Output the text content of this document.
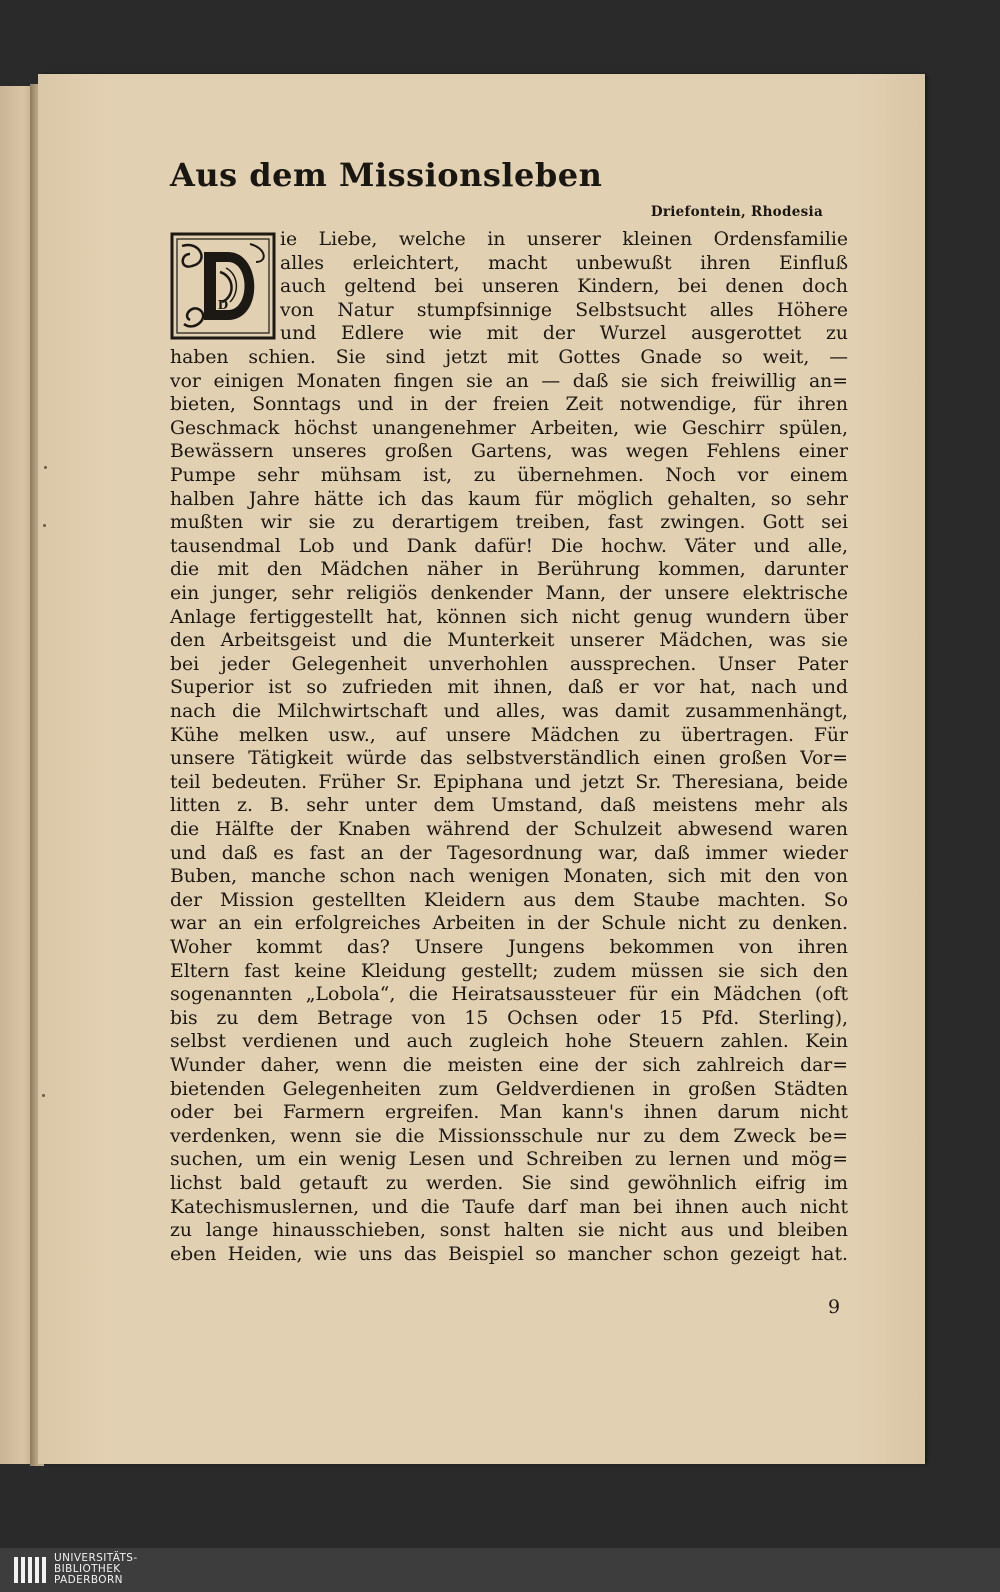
Aus dem Missionsleben
Driefontein, Rhodesia
D
ie Liebe, welche in unserer kleinen Ordensfamilie
alles erleichtert, macht unbewußt ihren Einfluß
auch geltend bei unseren Kindern, bei denen doch
von Natur stumpfsinnige Selbstsucht alles Höhere
und Edlere wie mit der Wurzel ausgerottet zu
haben schien. Sie sind jetzt mit Gottes Gnade so weit, —
vor einigen Monaten fingen sie an — daß sie sich freiwillig an=
bieten, Sonntags und in der freien Zeit notwendige, für ihren
Geschmack höchst unangenehmer Arbeiten, wie Geschirr spülen,
Bewässern unseres großen Gartens, was wegen Fehlens einer
Pumpe sehr mühsam ist, zu übernehmen. Noch vor einem
halben Jahre hätte ich das kaum für möglich gehalten, so sehr
mußten wir sie zu derartigem treiben, fast zwingen. Gott sei
tausendmal Lob und Dank dafür! Die hochw. Väter und alle,
die mit den Mädchen näher in Berührung kommen, darunter
ein junger, sehr religiös denkender Mann, der unsere elektrische
Anlage fertiggestellt hat, können sich nicht genug wundern über
den Arbeitsgeist und die Munterkeit unserer Mädchen, was sie
bei jeder Gelegenheit unverhohlen aussprechen. Unser Pater
Superior ist so zufrieden mit ihnen, daß er vor hat, nach und
nach die Milchwirtschaft und alles, was damit zusammenhängt,
Kühe melken usw., auf unsere Mädchen zu übertragen. Für
unsere Tätigkeit würde das selbstverständlich einen großen Vor=
teil bedeuten. Früher Sr. Epiphana und jetzt Sr. Theresiana, beide
litten z. B. sehr unter dem Umstand, daß meistens mehr als
die Hälfte der Knaben während der Schulzeit abwesend waren
und daß es fast an der Tagesordnung war, daß immer wieder
Buben, manche schon nach wenigen Monaten, sich mit den von
der Mission gestellten Kleidern aus dem Staube machten. So
war an ein erfolgreiches Arbeiten in der Schule nicht zu denken.
Woher kommt das? Unsere Jungens bekommen von ihren
Eltern fast keine Kleidung gestellt; zudem müssen sie sich den
sogenannten „Lobola“, die Heiratsaussteuer für ein Mädchen (oft
bis zu dem Betrage von 15 Ochsen oder 15 Pfd. Sterling),
selbst verdienen und auch zugleich hohe Steuern zahlen. Kein
Wunder daher, wenn die meisten eine der sich zahlreich dar=
bietenden Gelegenheiten zum Geldverdienen in großen Städten
oder bei Farmern ergreifen. Man kann's ihnen darum nicht
verdenken, wenn sie die Missionsschule nur zu dem Zweck be=
suchen, um ein wenig Lesen und Schreiben zu lernen und mög=
lichst bald getauft zu werden. Sie sind gewöhnlich eifrig im
Katechismuslernen, und die Taufe darf man bei ihnen auch nicht
zu lange hinausschieben, sonst halten sie nicht aus und bleiben
eben Heiden, wie uns das Beispiel so mancher schon gezeigt hat.
9
UNIVERSITÄTS-
BIBLIOTHEK
PADERBORN
